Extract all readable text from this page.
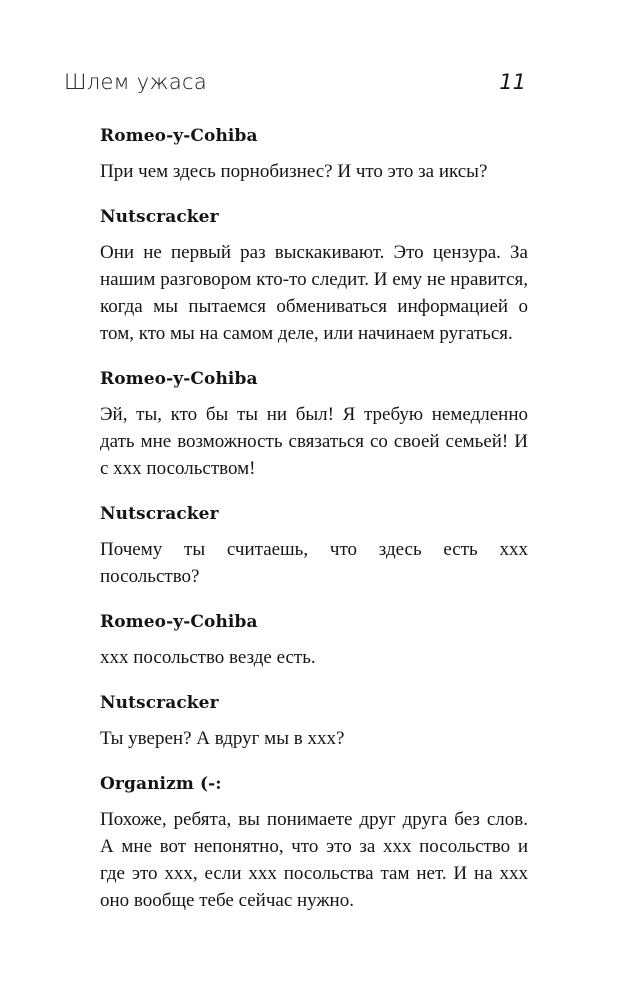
Шлем ужаса	11
Romeo-y-Cohiba

При чем здесь порнобизнес? И что это за иксы?

Nutscracker

Они не первый раз выскакивают. Это цензура. За нашим разговором кто-то следит. И ему не нравится, когда мы пытаемся обмениваться информацией о том, кто мы на самом деле, или начинаем ругаться.

Romeo-y-Cohiba

Эй, ты, кто бы ты ни был! Я требую немедленно дать мне возможность связаться со своей семьей! И с xxx посольством!

Nutscracker

Почему ты считаешь, что здесь есть xxx посольство?

Romeo-y-Cohiba

xxx посольство везде есть.

Nutscracker

Ты уверен? А вдруг мы в xxx?

Organizm (-:

Похоже, ребята, вы понимаете друг друга без слов. А мне вот непонятно, что это за xxx посольство и где это xxx, если xxx посольства там нет. И на xxx оно вообще тебе сейчас нужно.
